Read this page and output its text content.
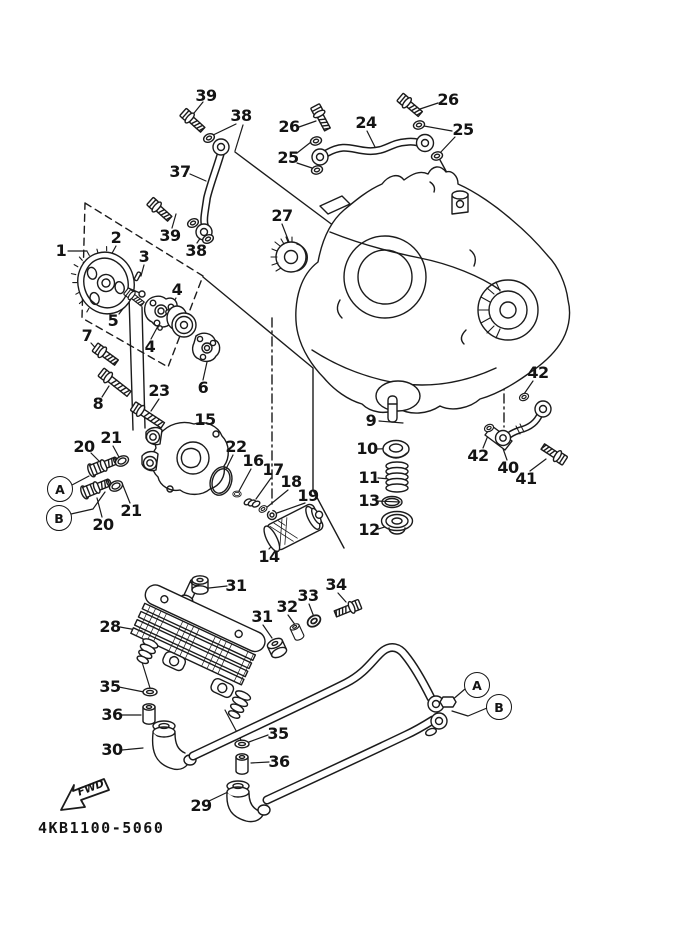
FWD
39
38
26	24
26
25
25
37
39
38
27
1
2
3
5
4
4
7
8
23 6
15
20 21	22
16
17
18
19
21
20
14
9
10
11
13
12
42
42
40
41
31	34
33
32
31
28
35
36
30
35
36
29
A
B
A
B
4KB1100-5060
